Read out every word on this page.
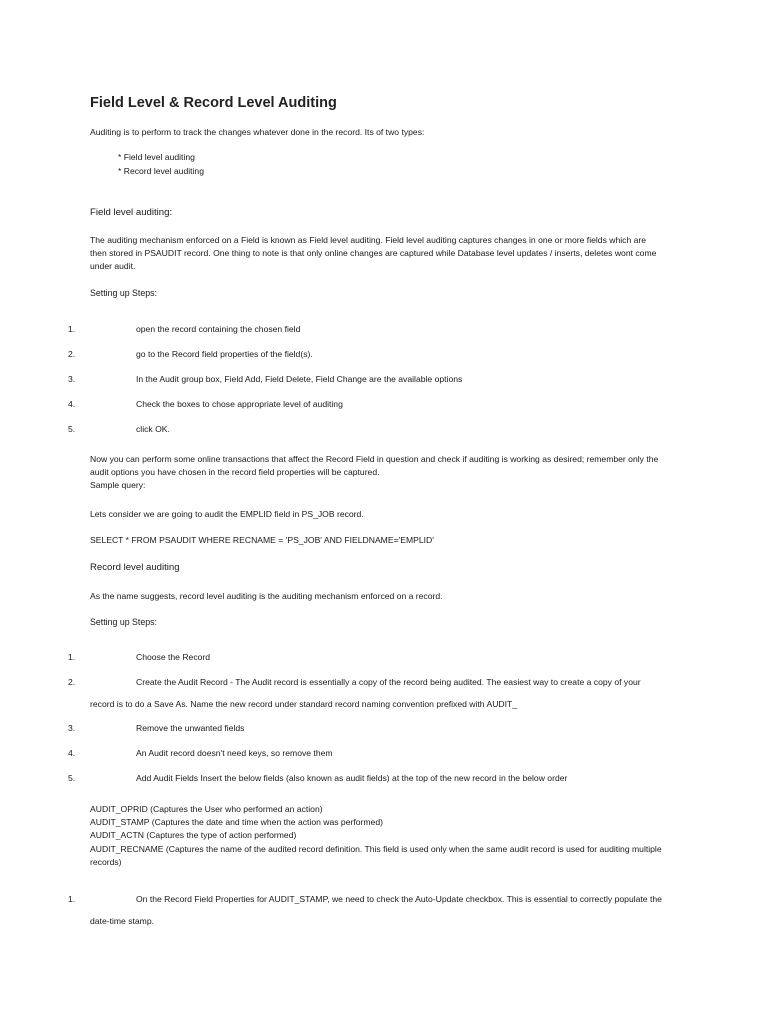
Field Level & Record Level Auditing

Auditing is to perform to track the changes whatever done in the record. Its of two types:

* Field level auditing

* Record level auditing

Field level auditing:

The auditing mechanism enforced on a Field is known as Field level auditing. Field level auditing captures changes in one or more fields which are

then stored in PSAUDIT record. One thing to note is that only online changes are captured while Database level updates / inserts, deletes wont come

under audit.

Setting up Steps:

1.	open the record containing the chosen field
2.	go to the Record field properties of the field(s).
3.	In the Audit group box, Field Add, Field Delete, Field Change are the available options
4.	Check the boxes to chose appropriate level of auditing
5.	click OK.

Now you can perform some online transactions that affect the Record Field in question and check if auditing is working as desired; remember only the

audit options you have chosen in the record field properties will be captured.

Sample query:

Lets consider we are going to audit the EMPLID field in PS_JOB record.

SELECT * FROM PSAUDIT WHERE RECNAME = 'PS_JOB' AND FIELDNAME='EMPLID'

Record level auditing

As the name suggests, record level auditing is the auditing mechanism enforced on a record.

Setting up Steps:

1.	Choose the Record
2.	Create the Audit Record - The Audit record is essentially a copy of the record being audited. The easiest way to create a copy of your
record is to do a Save As. Name the new record under standard record naming convention prefixed with AUDIT_
3.	Remove the unwanted fields
4.	An Audit record doesn't need keys, so remove them
5.	Add Audit Fields Insert the below fields (also known as audit fields) at the top of the new record in the below order

AUDIT_OPRID (Captures the User who performed an action)

AUDIT_STAMP (Captures the date and time when the action was performed)

AUDIT_ACTN (Captures the type of action performed)

AUDIT_RECNAME (Captures the name of the audited record definition. This field is used only when the same audit record is used for auditing multiple

records)

1.	On the Record Field Properties for AUDIT_STAMP, we need to check the Auto-Update checkbox. This is essential to correctly populate the
date-time stamp.
